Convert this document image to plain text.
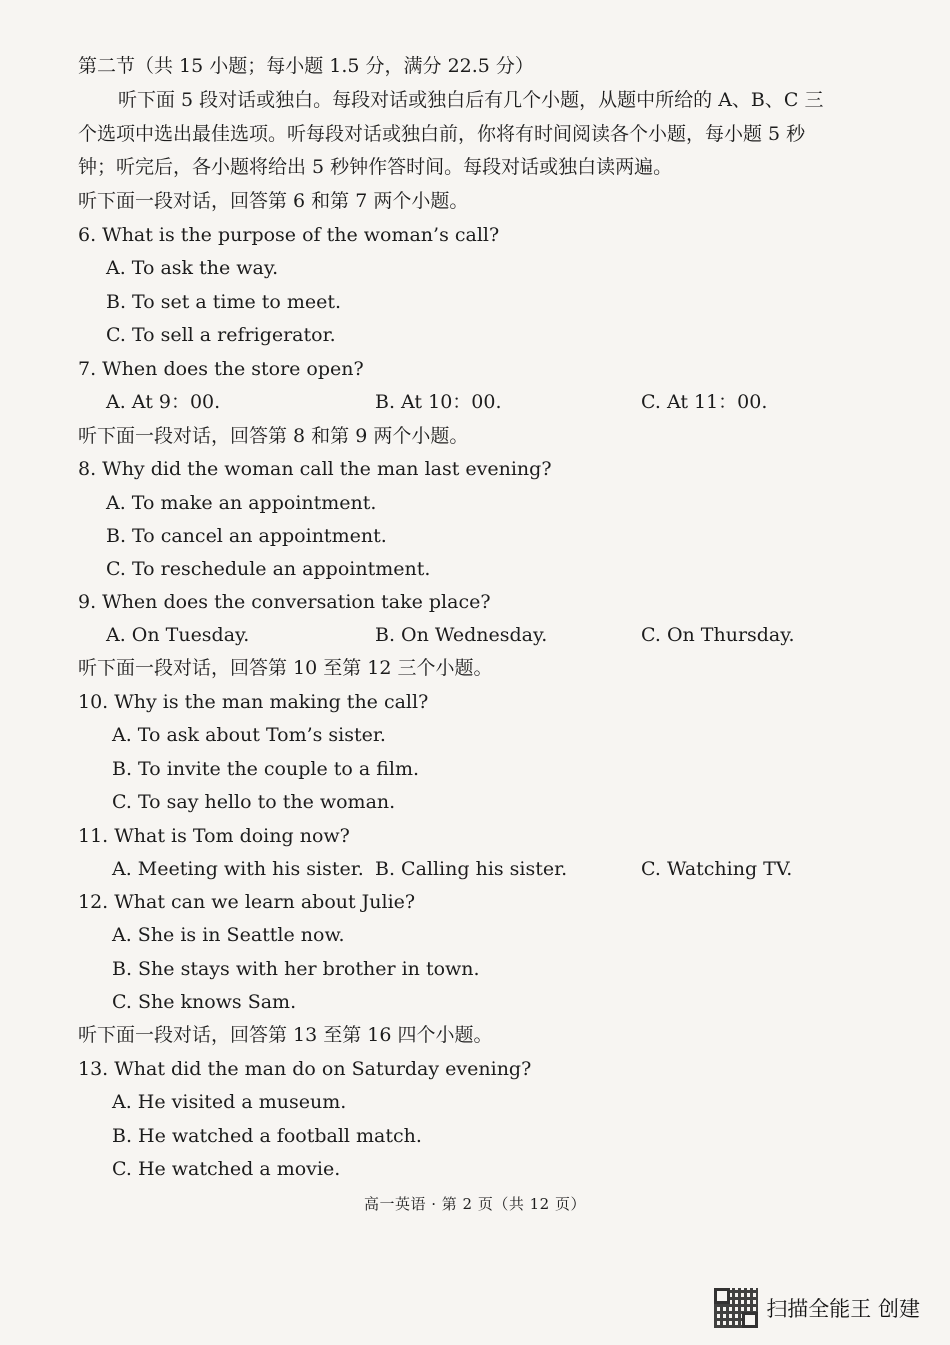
第二节（共 15 小题；每小题 1.5 分，满分 22.5 分）
听下面 5 段对话或独白。每段对话或独白后有几个小题，从题中所给的 A、B、C 三
个选项中选出最佳选项。听每段对话或独白前，你将有时间阅读各个小题，每小题 5 秒
钟；听完后，各小题将给出 5 秒钟作答时间。每段对话或独白读两遍。
听下面一段对话，回答第 6 和第 7 两个小题。
6. What is the purpose of the woman’s call?
A. To ask the way.
B. To set a time to meet.
C. To sell a refrigerator.
7. When does the store open?
A. At 9：00.	B. At 10：00.	C. At 11：00.
听下面一段对话，回答第 8 和第 9 两个小题。
8. Why did the woman call the man last evening?
A. To make an appointment.
B. To cancel an appointment.
C. To reschedule an appointment.
9. When does the conversation take place?
A. On Tuesday.	B. On Wednesday.	C. On Thursday.
听下面一段对话，回答第 10 至第 12 三个小题。
10. Why is the man making the call?
A. To ask about Tom’s sister.
B. To invite the couple to a film.
C. To say hello to the woman.
11. What is Tom doing now?
A. Meeting with his sister. B. Calling his sister.	C. Watching TV.
12. What can we learn about Julie?
A. She is in Seattle now.
B. She stays with her brother in town.
C. She knows Sam.
听下面一段对话，回答第 13 至第 16 四个小题。
13. What did the man do on Saturday evening?
A. He visited a museum.
B. He watched a football match.
C. He watched a movie.
高一英语 · 第 2 页（共 12 页）
扫描全能王 创建
